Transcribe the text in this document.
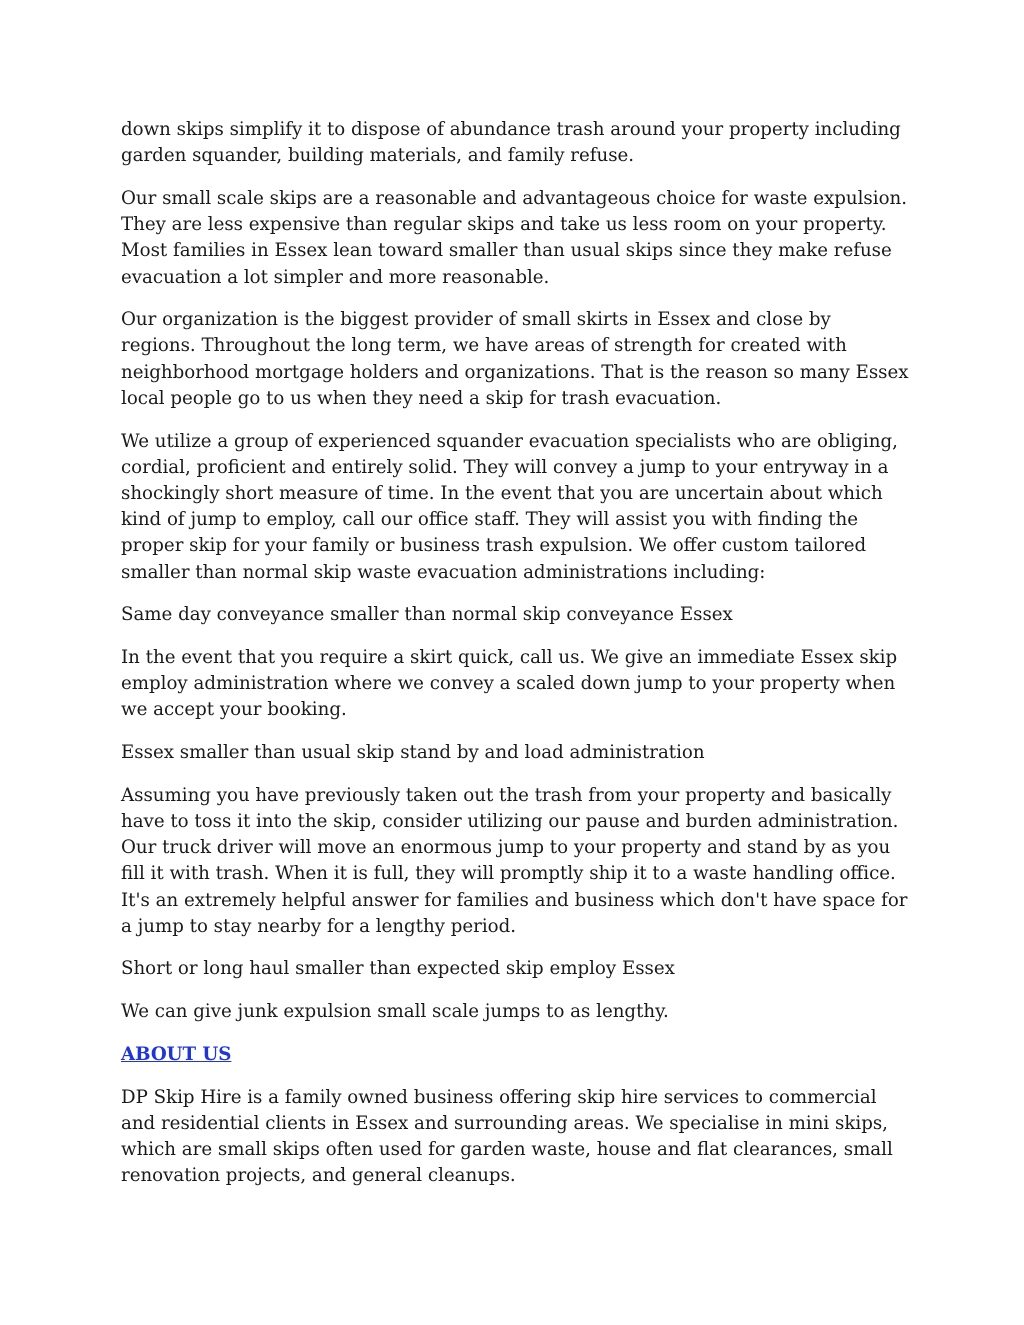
down skips simplify it to dispose of abundance trash around your property including garden squander, building materials, and family refuse.

Our small scale skips are a reasonable and advantageous choice for waste expulsion. They are less expensive than regular skips and take us less room on your property. Most families in Essex lean toward smaller than usual skips since they make refuse evacuation a lot simpler and more reasonable.

Our organization is the biggest provider of small skirts in Essex and close by regions. Throughout the long term, we have areas of strength for created with neighborhood mortgage holders and organizations. That is the reason so many Essex local people go to us when they need a skip for trash evacuation.

We utilize a group of experienced squander evacuation specialists who are obliging, cordial, proficient and entirely solid. They will convey a jump to your entryway in a shockingly short measure of time. In the event that you are uncertain about which kind of jump to employ, call our office staff. They will assist you with finding the proper skip for your family or business trash expulsion. We offer custom tailored smaller than normal skip waste evacuation administrations including:

Same day conveyance smaller than normal skip conveyance Essex

In the event that you require a skirt quick, call us. We give an immediate Essex skip employ administration where we convey a scaled down jump to your property when we accept your booking.

Essex smaller than usual skip stand by and load administration

Assuming you have previously taken out the trash from your property and basically have to toss it into the skip, consider utilizing our pause and burden administration. Our truck driver will move an enormous jump to your property and stand by as you fill it with trash. When it is full, they will promptly ship it to a waste handling office. It's an extremely helpful answer for families and business which don't have space for a jump to stay nearby for a lengthy period.

Short or long haul smaller than expected skip employ Essex

We can give junk expulsion small scale jumps to as lengthy.

ABOUT US

DP Skip Hire is a family owned business offering skip hire services to commercial and residential clients in Essex and surrounding areas. We specialise in mini skips, which are small skips often used for garden waste, house and flat clearances, small renovation projects, and general cleanups.
